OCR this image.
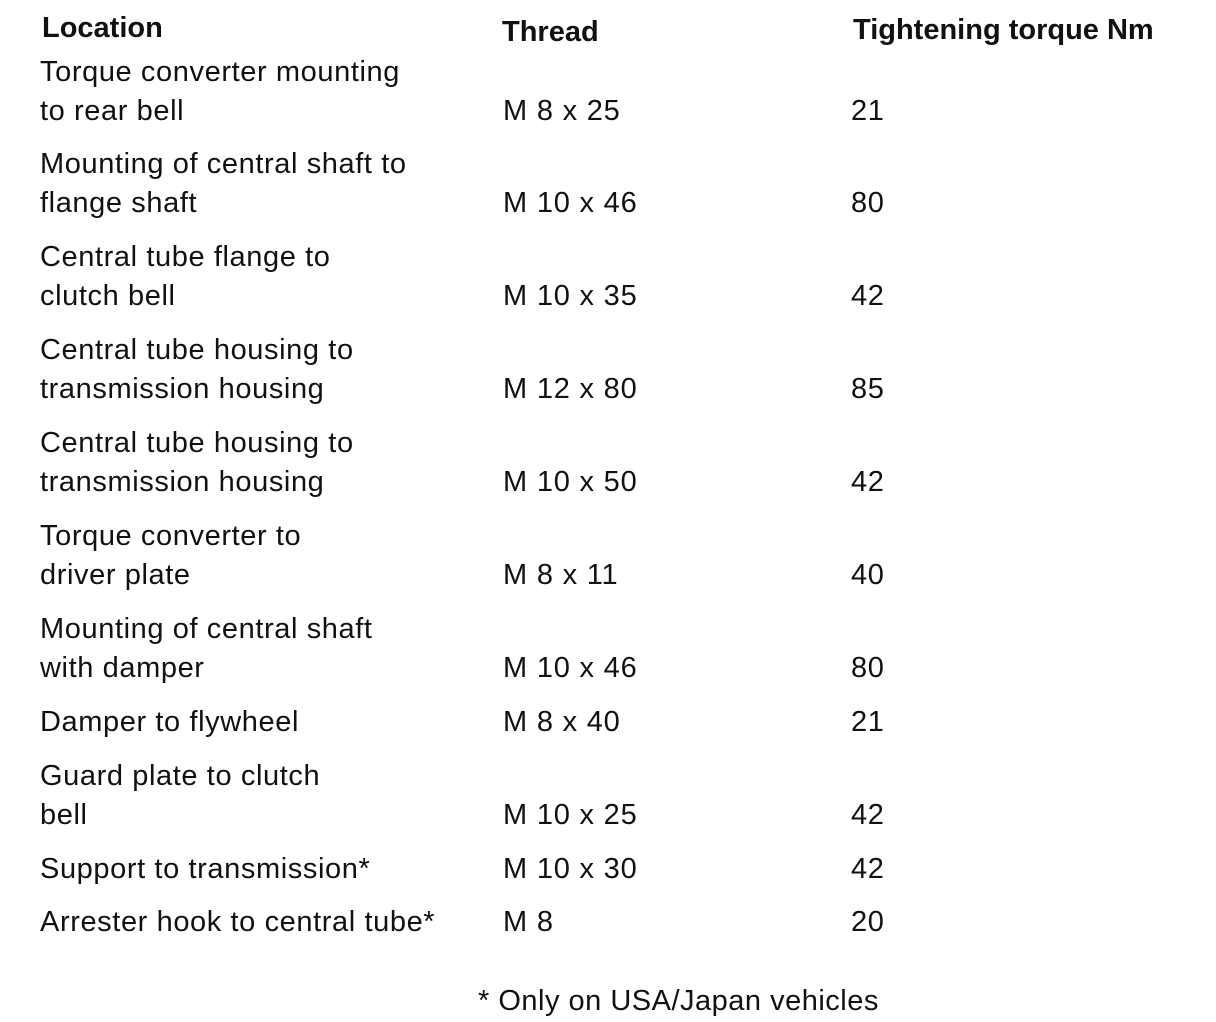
Location	Thread	Tightening torque Nm
Torque converter mounting
to rear bell	M 8 x 25	21
Mounting of central shaft to
flange shaft	M 10 x 46	80
Central tube flange to
clutch bell	M 10 x 35	42
Central tube housing to
transmission housing	M 12 x 80	85
Central tube housing to
transmission housing	M 10 x 50	42
Torque converter to
driver plate	M 8 x 11	40
Mounting of central shaft
with damper	M 10 x 46	80
Damper to flywheel	M 8 x 40	21
Guard plate to clutch
bell	M 10 x 25	42
Support to transmission*	M 10 x 30	42
Arrester hook to central tube*	M 8	20
* Only on USA/Japan vehicles
